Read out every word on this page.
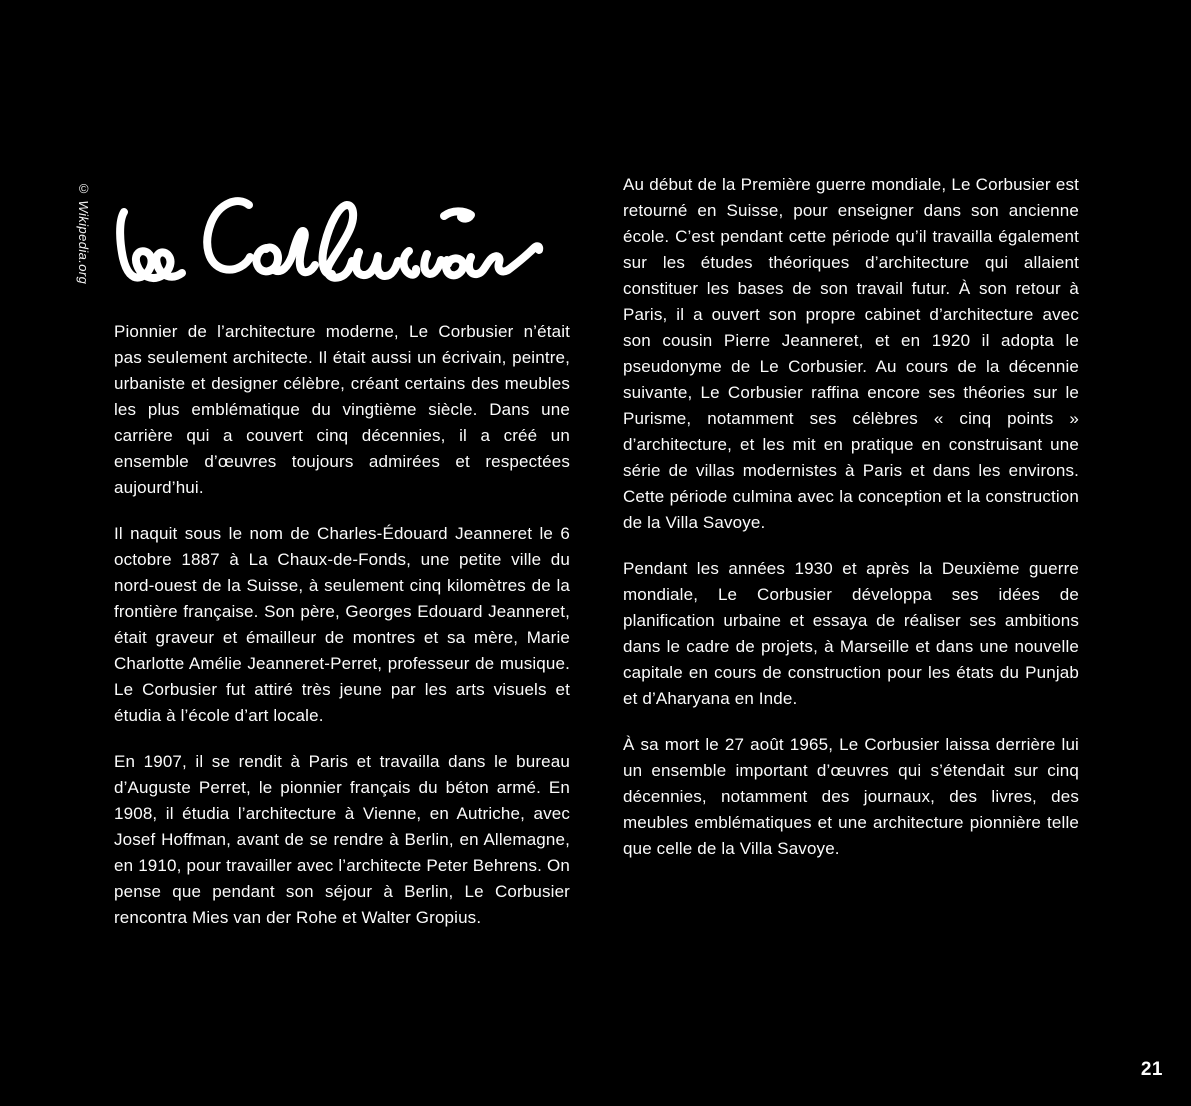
© Wikipedia.org

Pionnier de l’architecture moderne, Le Corbusier n’était pas seulement architecte. Il était aussi un écrivain, peintre, urbaniste et designer célèbre, créant certains des meubles les plus emblématique du vingtième siècle. Dans une carrière qui a couvert cinq décennies, il a créé un ensemble d’œuvres toujours admirées et respectées aujourd’hui.

Il naquit sous le nom de Charles-Édouard Jeanneret le 6 octobre 1887 à La Chaux-de-Fonds, une petite ville du nord-ouest de la Suisse, à seulement cinq kilomètres de la frontière française. Son père, Georges Edouard Jeanneret, était graveur et émailleur de montres et sa mère, Marie Charlotte Amélie Jeanneret-Perret, professeur de musique. Le Corbusier fut attiré très jeune par les arts visuels et étudia à l’école d’art locale.

En 1907, il se rendit à Paris et travailla dans le bureau d’Auguste Perret, le pionnier français du béton armé. En 1908, il étudia l’architecture à Vienne, en Autriche, avec Josef Hoffman, avant de se rendre à Berlin, en Allemagne, en 1910, pour travailler avec l’architecte Peter Behrens. On pense que pendant son séjour à Berlin, Le Corbusier rencontra Mies van der Rohe et Walter Gropius.

Au début de la Première guerre mondiale, Le Corbusier est retourné en Suisse, pour enseigner dans son ancienne école. C’est pendant cette période qu’il travailla également sur les études théoriques d’architecture qui allaient constituer les bases de son travail futur. À son retour à Paris, il a ouvert son propre cabinet d’architecture avec son cousin Pierre Jeanneret, et en 1920 il adopta le pseudonyme de Le Corbusier. Au cours de la décennie suivante, Le Corbusier raffina encore ses théories sur le Purisme, notamment ses célèbres « cinq points » d’architecture, et les mit en pratique en construisant une série de villas modernistes à Paris et dans les environs. Cette période culmina avec la conception et la construction de la Villa Savoye.

Pendant les années 1930 et après la Deuxième guerre mondiale, Le Corbusier développa ses idées de planification urbaine et essaya de réaliser ses ambitions dans le cadre de projets, à Marseille et dans une nouvelle capitale en cours de construction pour les états du Punjab et d’Aharyana en Inde.

À sa mort le 27 août 1965, Le Corbusier laissa derrière lui un ensemble important d’œuvres qui s’étendait sur cinq décennies, notamment des journaux, des livres, des meubles emblématiques et une architecture pionnière telle que celle de la Villa Savoye.

21
